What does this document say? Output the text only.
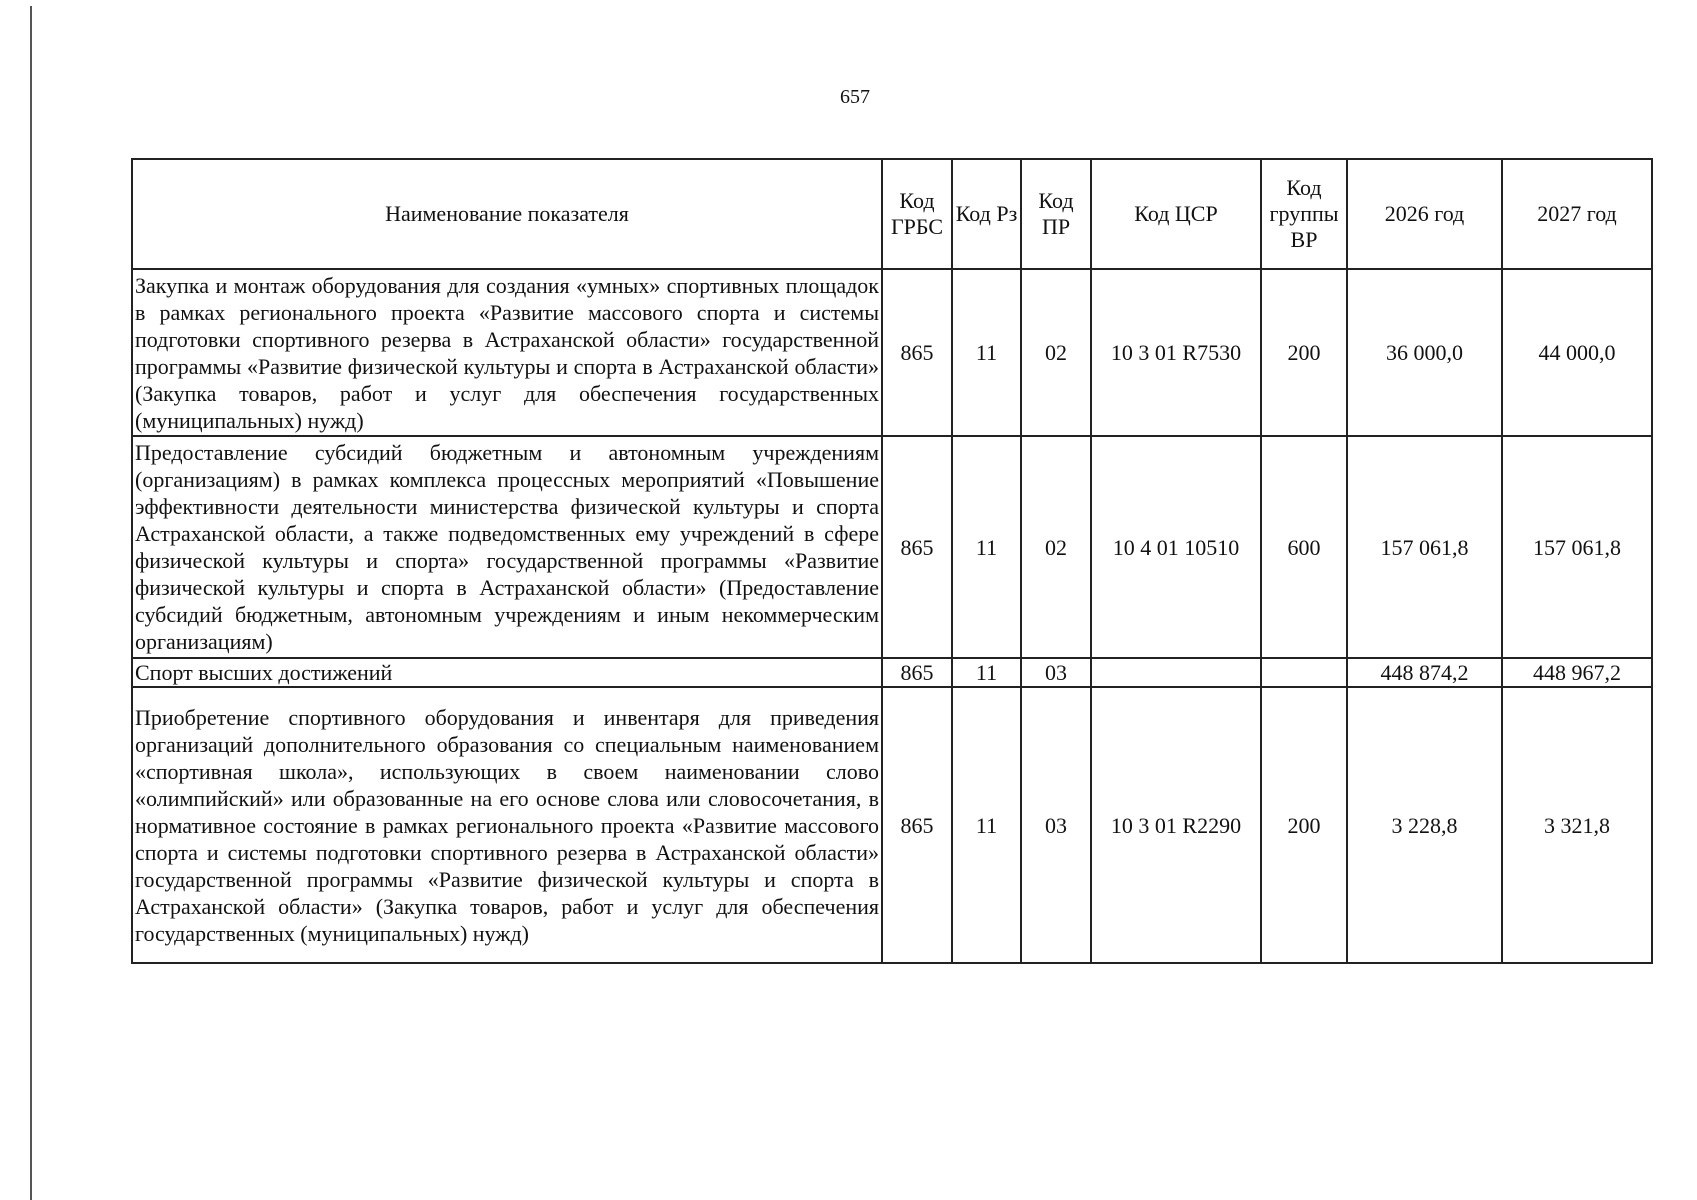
657
Наименование показателя	Код ГРБС	Код Рз	Код ПР	Код ЦСР	Код группы ВР	2026 год	2027 год
Закупка и монтаж оборудования для создания «умных» спортивных площадок в рамках регионального проекта «Развитие массового спорта и системы подготовки спортивного резерва в Астраханской области» государственной программы «Развитие физической культуры и спорта в Астраханской области» (Закупка товаров, работ и услуг для обеспечения государственных (муниципальных) нужд)	865	11	02	10 3 01 R7530	200	36 000,0	44 000,0
Предоставление субсидий бюджетным и автономным учреждениям (организациям) в рамках комплекса процессных мероприятий «Повышение эффективности деятельности министерства физической культуры и спорта Астраханской области, а также подведомственных ему учреждений в сфере физической культуры и спорта» государственной программы «Развитие физической культуры и спорта в Астраханской области» (Предоставление субсидий бюджетным, автономным учреждениям и иным некоммерческим организациям)	865	11	02	10 4 01 10510	600	157 061,8	157 061,8
Спорт высших достижений	865	11	03			448 874,2	448 967,2
Приобретение спортивного оборудования и инвентаря для приведения организаций дополнительного образования со специальным наименованием «спортивная школа», использующих в своем наименовании слово «олимпийский» или образованные на его основе слова или словосочетания, в нормативное состояние в рамках регионального проекта «Развитие массового спорта и системы подготовки спортивного резерва в Астраханской области» государственной программы «Развитие физической культуры и спорта в Астраханской области» (Закупка товаров, работ и услуг для обеспечения государственных (муниципальных) нужд)	865	11	03	10 3 01 R2290	200	3 228,8	3 321,8
